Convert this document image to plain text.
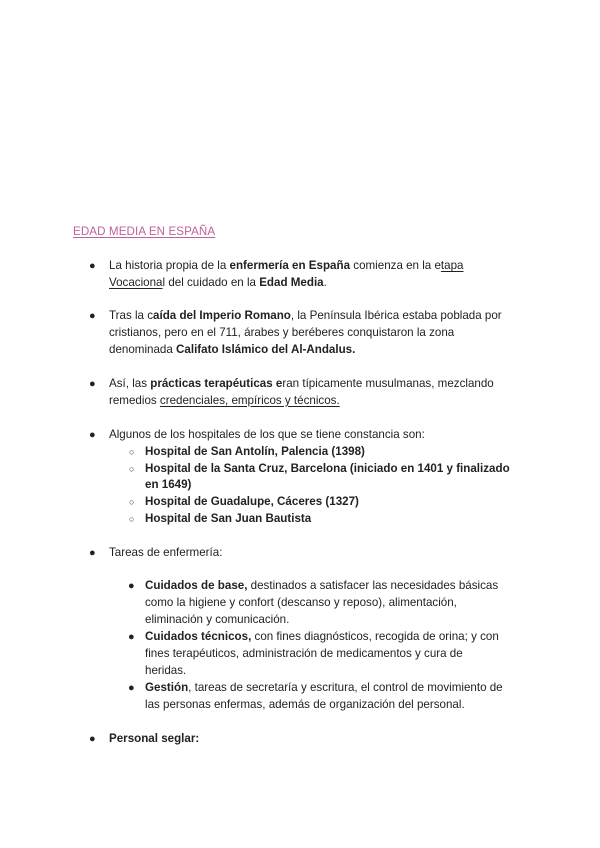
EDAD MEDIA EN ESPAÑA
● La historia propia de la enfermería en España comienza en la etapa
Vocacional del cuidado en la Edad Media.
● Tras la caída del Imperio Romano, la Península Ibérica estaba poblada por
cristianos, pero en el 711, árabes y beréberes conquistaron la zona
denominada Califato Islámico del Al-Andalus.
● Así, las prácticas terapéuticas eran típicamente musulmanas, mezclando
remedios credenciales, empíricos y técnicos.
● Algunos de los hospitales de los que se tiene constancia son:
○ Hospital de San Antolín, Palencia (1398)
○ Hospital de la Santa Cruz, Barcelona (iniciado en 1401 y finalizado
en 1649)
○ Hospital de Guadalupe, Cáceres (1327)
○ Hospital de San Juan Bautista
● Tareas de enfermería:
● Cuidados de base, destinados a satisfacer las necesidades básicas
como la higiene y confort (descanso y reposo), alimentación,
eliminación y comunicación.
● Cuidados técnicos, con fines diagnósticos, recogida de orina; y con
fines terapéuticos, administración de medicamentos y cura de
heridas.
● Gestión, tareas de secretaría y escritura, el control de movimiento de
las personas enfermas, además de organización del personal.
● Personal seglar:
